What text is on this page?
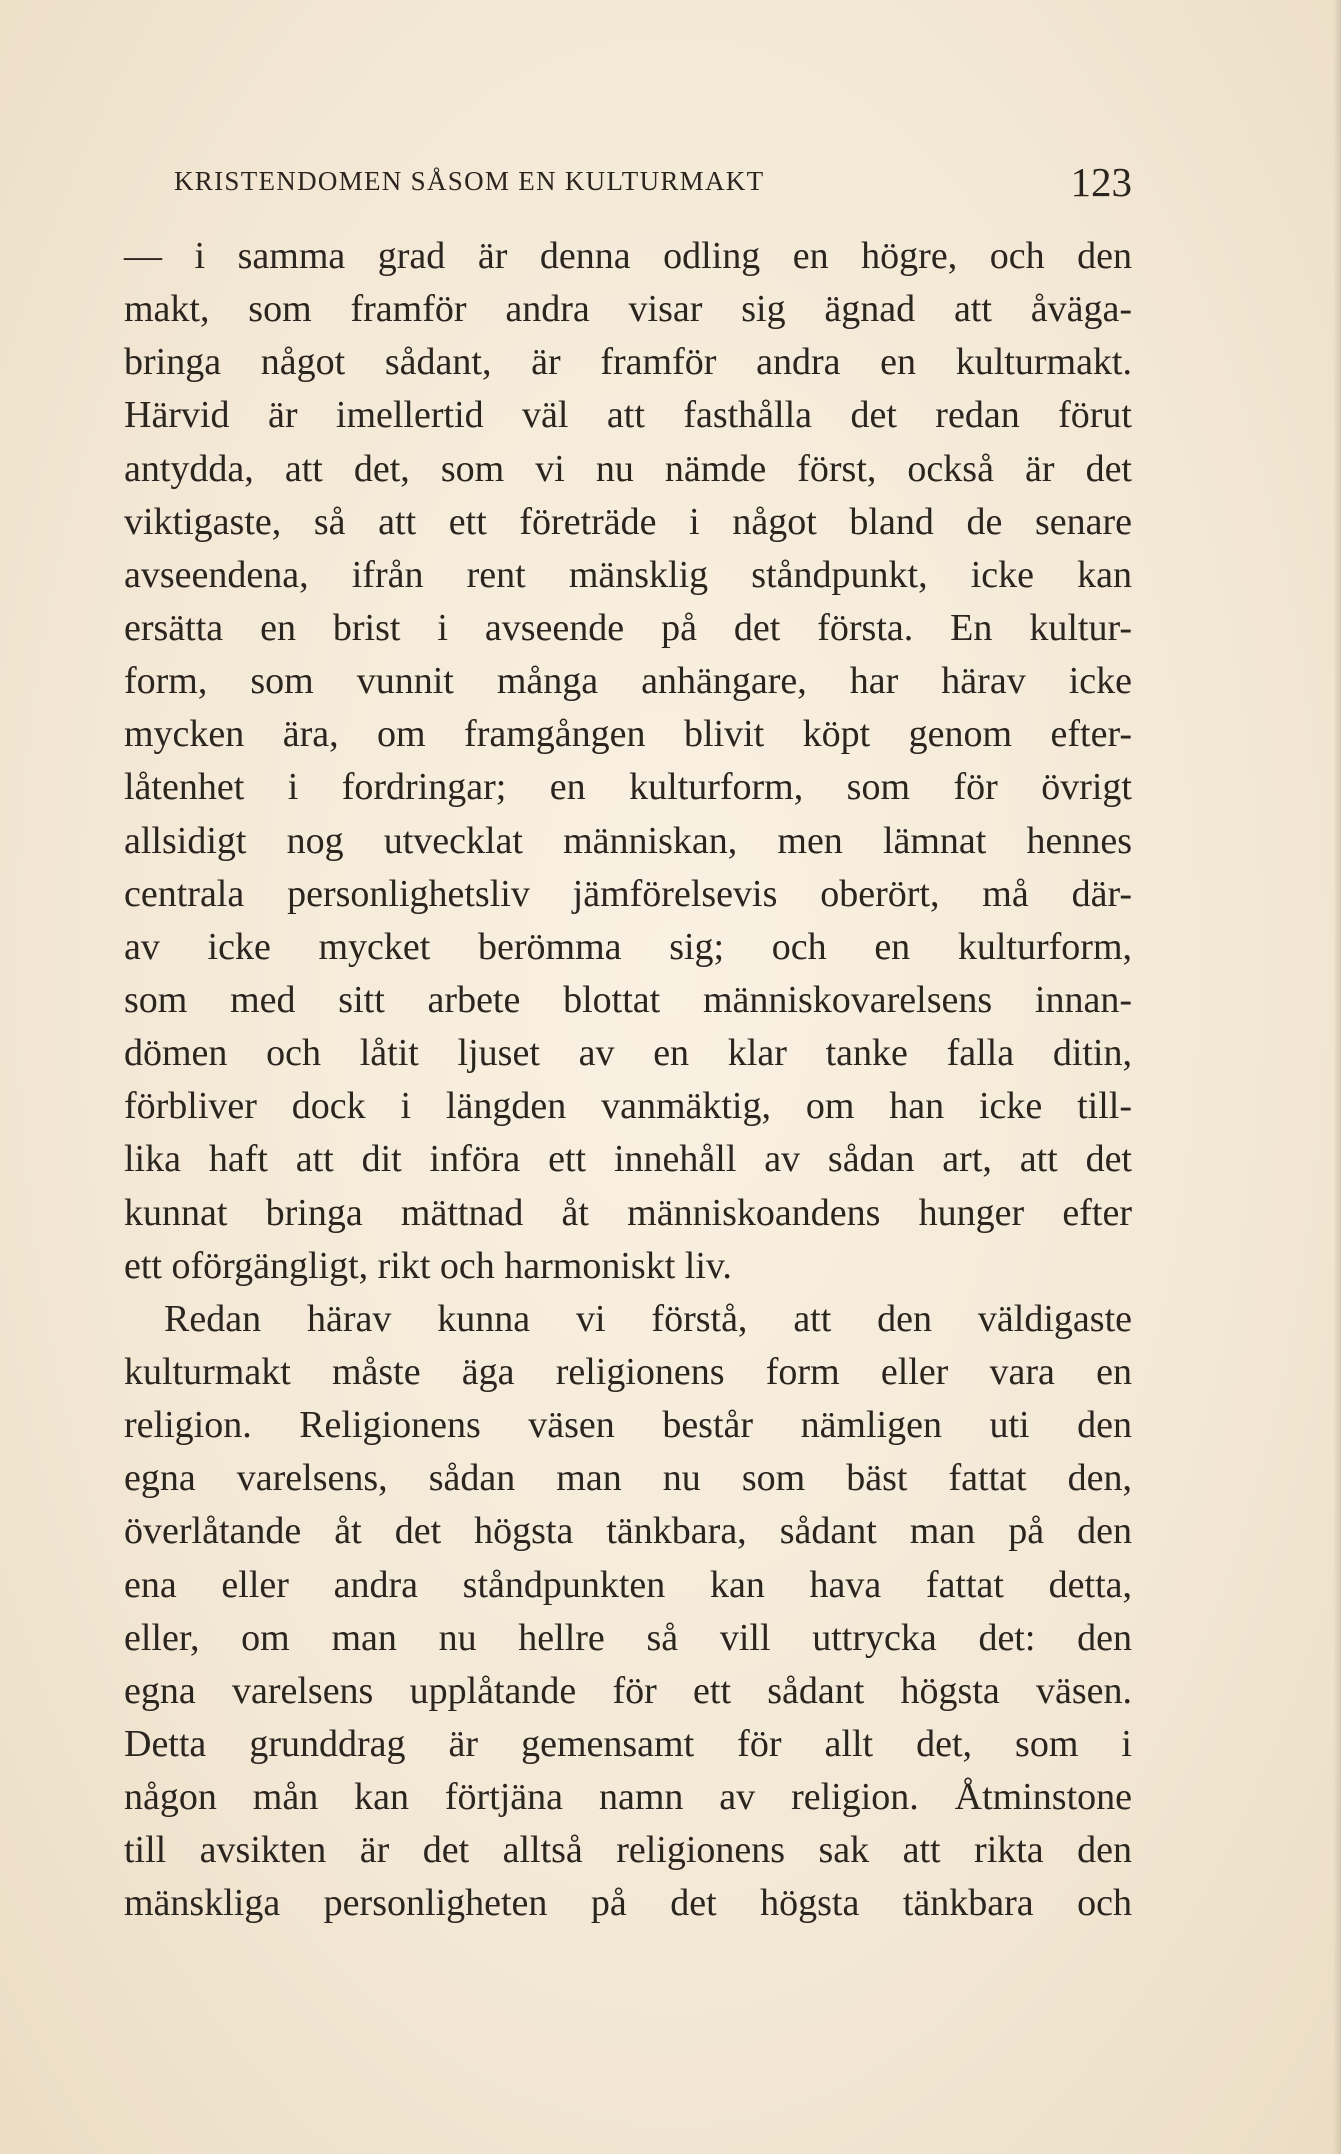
KRISTENDOMEN SÅSOM EN KULTURMAKT	123
— i samma grad är denna odling en högre, och den
makt, som framför andra visar sig ägnad att åväga-
bringa något sådant, är framför andra en kulturmakt.
Härvid är imellertid väl att fasthålla det redan förut
antydda, att det, som vi nu nämde först, också är det
viktigaste, så att ett företräde i något bland de senare
avseendena, ifrån rent mänsklig ståndpunkt, icke kan
ersätta en brist i avseende på det första. En kultur-
form, som vunnit många anhängare, har härav icke
mycken ära, om framgången blivit köpt genom efter-
låtenhet i fordringar; en kulturform, som för övrigt
allsidigt nog utvecklat människan, men lämnat hennes
centrala personlighetsliv jämförelsevis oberört, må där-
av icke mycket berömma sig; och en kulturform,
som med sitt arbete blottat människovarelsens innan-
dömen och låtit ljuset av en klar tanke falla ditin,
förbliver dock i längden vanmäktig, om han icke till-
lika haft att dit införa ett innehåll av sådan art, att det
kunnat bringa mättnad åt människoandens hunger efter
ett oförgängligt, rikt och harmoniskt liv.
Redan härav kunna vi förstå, att den väldigaste
kulturmakt måste äga religionens form eller vara en
religion. Religionens väsen består nämligen uti den
egna varelsens, sådan man nu som bäst fattat den,
överlåtande åt det högsta tänkbara, sådant man på den
ena eller andra ståndpunkten kan hava fattat detta,
eller, om man nu hellre så vill uttrycka det: den
egna varelsens upplåtande för ett sådant högsta väsen.
Detta grunddrag är gemensamt för allt det, som i
någon mån kan förtjäna namn av religion. Åtminstone
till avsikten är det alltså religionens sak att rikta den
mänskliga personligheten på det högsta tänkbara och
